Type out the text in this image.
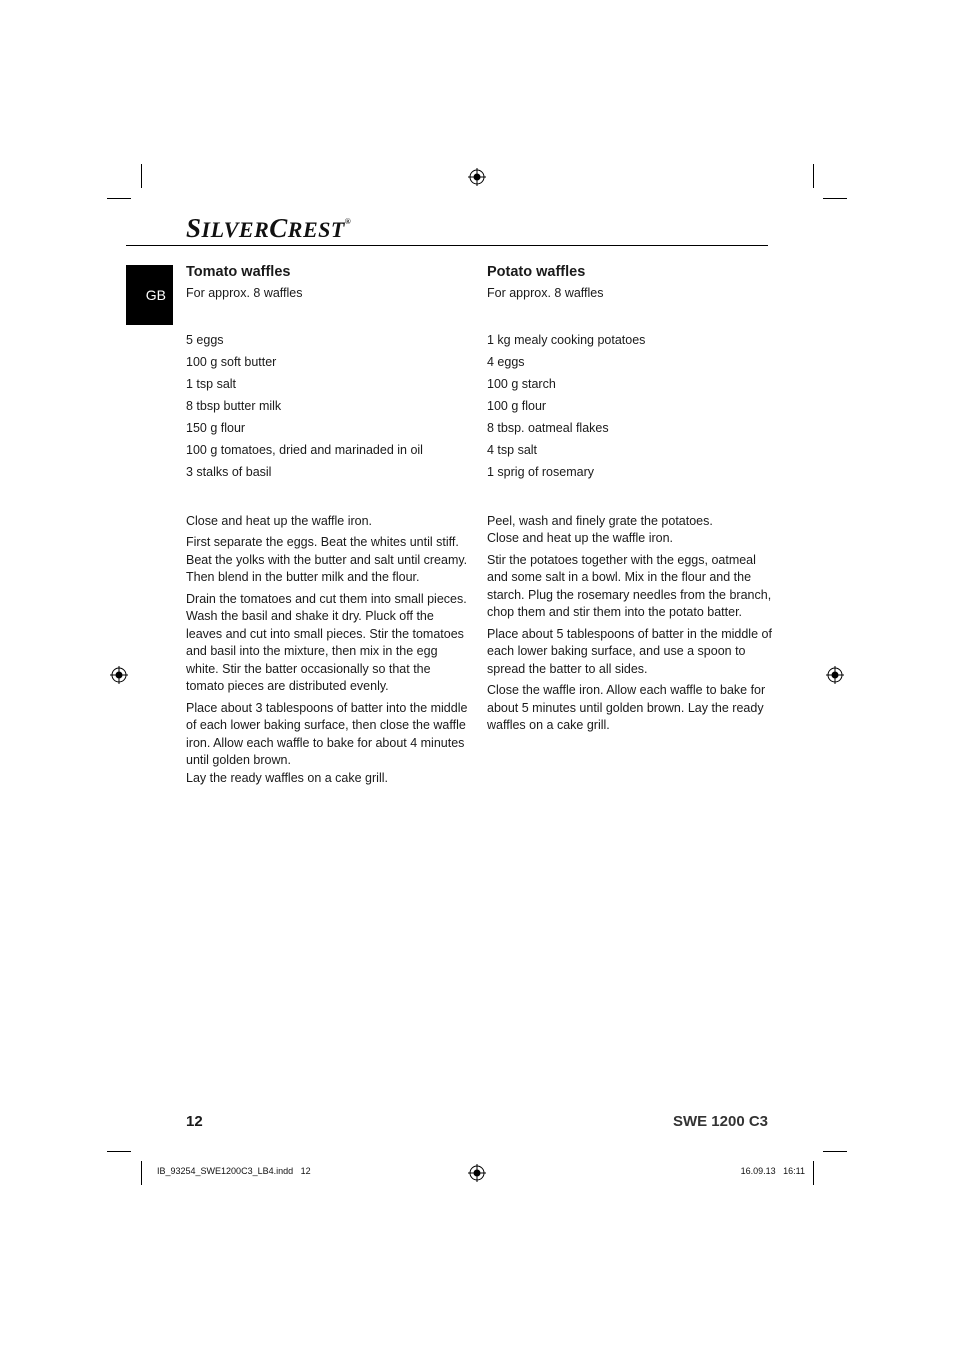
SILVERCREST®
GB
Tomato waffles
For approx. 8 waffles
5 eggs
100 g soft butter
1 tsp salt
8 tbsp butter milk
150 g flour
100 g tomatoes, dried and marinaded in oil
3 stalks of basil

Close and heat up the waffle iron.

First separate the eggs. Beat the whites until stiff. Beat the yolks with the butter and salt until creamy. Then blend in the butter milk and the flour.

Drain the tomatoes and cut them into small pieces. Wash the basil and shake it dry. Pluck off the leaves and cut into small pieces. Stir the tomatoes and basil into the mixture, then mix in the egg white. Stir the batter occasionally so that the tomato pieces are distributed evenly.

Place about 3 tablespoons of batter into the middle of each lower baking surface, then close the waffle iron. Allow each waffle to bake for about 4 minutes until golden brown.

Lay the ready waffles on a cake grill.

Potato waffles
For approx. 8 waffles
1 kg mealy cooking potatoes
4 eggs
100 g starch
100 g flour
8 tbsp. oatmeal flakes
4 tsp salt
1 sprig of rosemary

Peel, wash and finely grate the potatoes.

Close and heat up the waffle iron.

Stir the potatoes together with the eggs, oatmeal and some salt in a bowl. Mix in the flour and the starch. Plug the rosemary needles from the branch, chop them and stir them into the potato batter.

Place about 5 tablespoons of batter in the middle of each lower baking surface, and use a spoon to spread the batter to all sides.

Close the waffle iron. Allow each waffle to bake for about 5 minutes until golden brown. Lay the ready waffles on a cake grill.

12	SWE 1200 C3
IB_93254_SWE1200C3_LB4.indd   12	16.09.13   16:11
